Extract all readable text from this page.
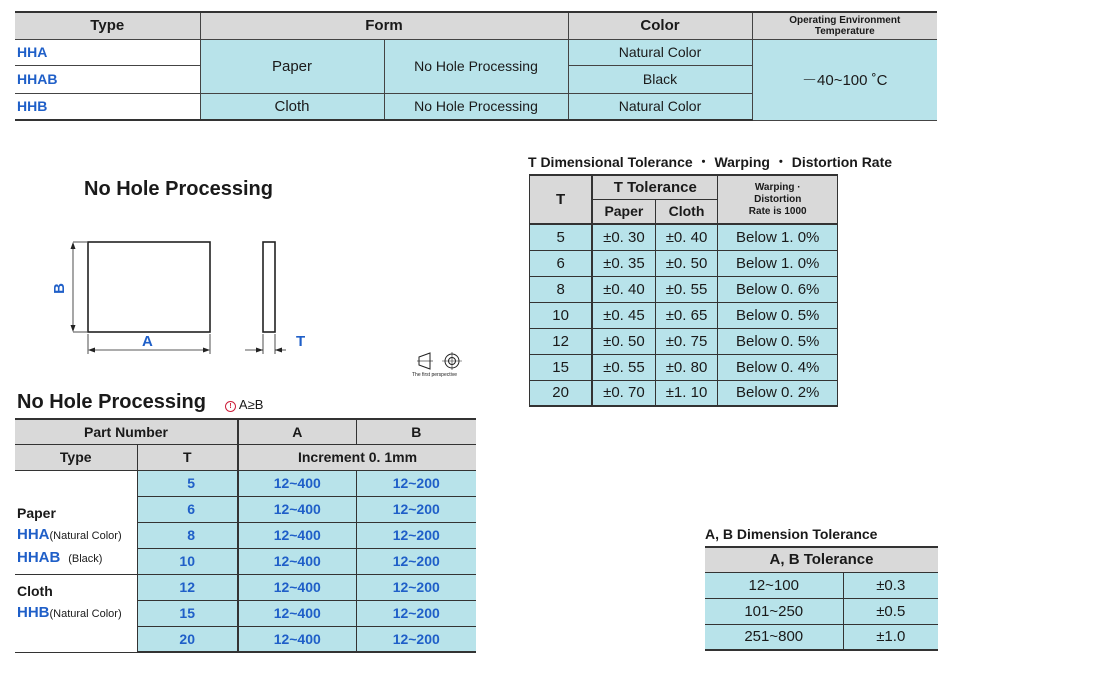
Type	Form		Color	Operating Environment Temperature
HHA	Paper	No Hole Processing	Natural Color	－40~100 ˚C
HHAB			Black	
HHB	Cloth	No Hole Processing	Natural Color	
No Hole Processing
A
B
T
The first perspective
T Dimensional Tolerance ・ Warping ・ Distortion Rate
T	T Tolerance		Warping ·
Distortion
Rate is 1000
	Paper	Cloth	
5	±0. 30	±0. 40	Below 1. 0%
6	±0. 35	±0. 50	Below 1. 0%
8	±0. 40	±0. 55	Below 0. 6%
10	±0. 45	±0. 65	Below 0. 5%
12	±0. 50	±0. 75	Below 0. 5%
15	±0. 55	±0. 80	Below 0. 4%
20	±0. 70	±1. 10	Below 0. 2%
No Hole Processing	! A≥B
Part Number		A	B
Type	T	Increment 0. 1mm	

Paper
HHA(Natural Color)
HHAB (Black)	5	12~400	12~200
	6	12~400	12~200
	8	12~400	12~200
	10	12~400	12~200

Cloth
HHB(Natural Color)	12	12~400	12~200
	15	12~400	12~200
	20	12~400	12~200
A, B Dimension Tolerance
A, B Tolerance	
12~100	±0.3
101~250	±0.5
251~800	±1.0
